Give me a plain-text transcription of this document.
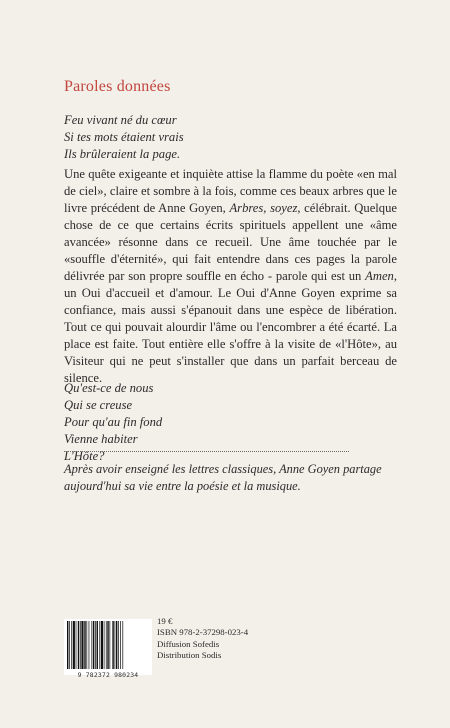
Paroles données
Feu vivant né du cœur
Si tes mots étaient vrais
Ils brûleraient la page.
Une quête exigeante et inquiète attise la flamme du poète «en mal de ciel», claire et sombre à la fois, comme ces beaux arbres que le livre précédent de Anne Goyen, Arbres, soyez, célébrait. Quelque chose de ce que certains écrits spirituels appellent une «âme avancée» résonne dans ce recueil. Une âme touchée par le «souffle d'éternité», qui fait entendre dans ces pages la parole délivrée par son propre souffle en écho - parole qui est un Amen, un Oui d'accueil et d'amour. Le Oui d'Anne Goyen exprime sa confiance, mais aussi s'épanouit dans une espèce de libération. Tout ce qui pouvait alourdir l'âme ou l'encombrer a été écarté. La place est faite. Tout entière elle s'offre à la visite de «l'Hôte», au Visiteur qui ne peut s'installer que dans un parfait berceau de silence.
Qu'est-ce de nous
Qui se creuse
Pour qu'au fin fond
Vienne habiter
L'Hôte?
Après avoir enseigné les lettres classiques, Anne Goyen partage aujourd'hui sa vie entre la poésie et la musique.
9 782372 980234
19 €
ISBN 978-2-37298-023-4
Diffusion Sofedis
Distribution Sodis
